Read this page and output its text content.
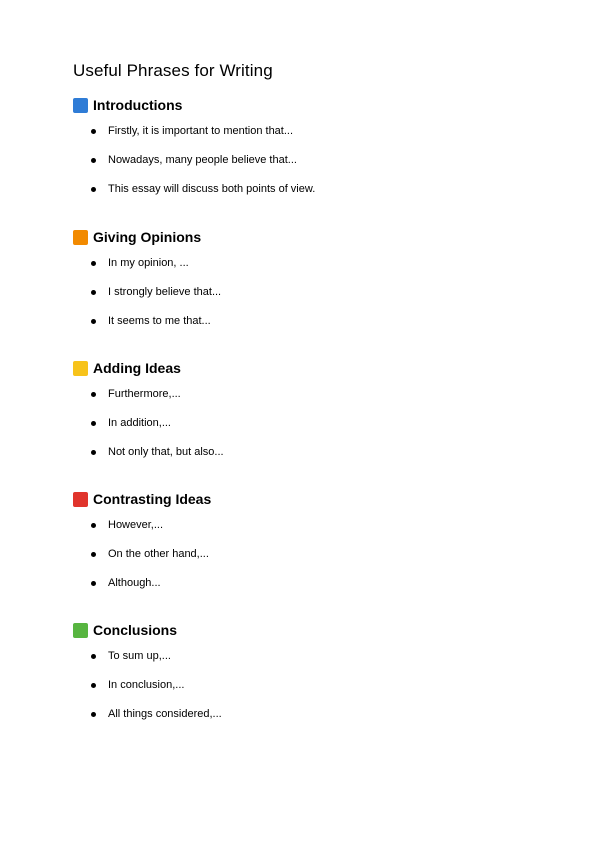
Useful Phrases for Writing
Introductions
Firstly, it is important to mention that...
Nowadays, many people believe that...
This essay will discuss both points of view.
Giving Opinions
In my opinion, ...
I strongly believe that...
It seems to me that...
Adding Ideas
Furthermore,...
In addition,...
Not only that, but also...
Contrasting Ideas
However,...
On the other hand,...
Although...
Conclusions
To sum up,...
In conclusion,...
All things considered,...
